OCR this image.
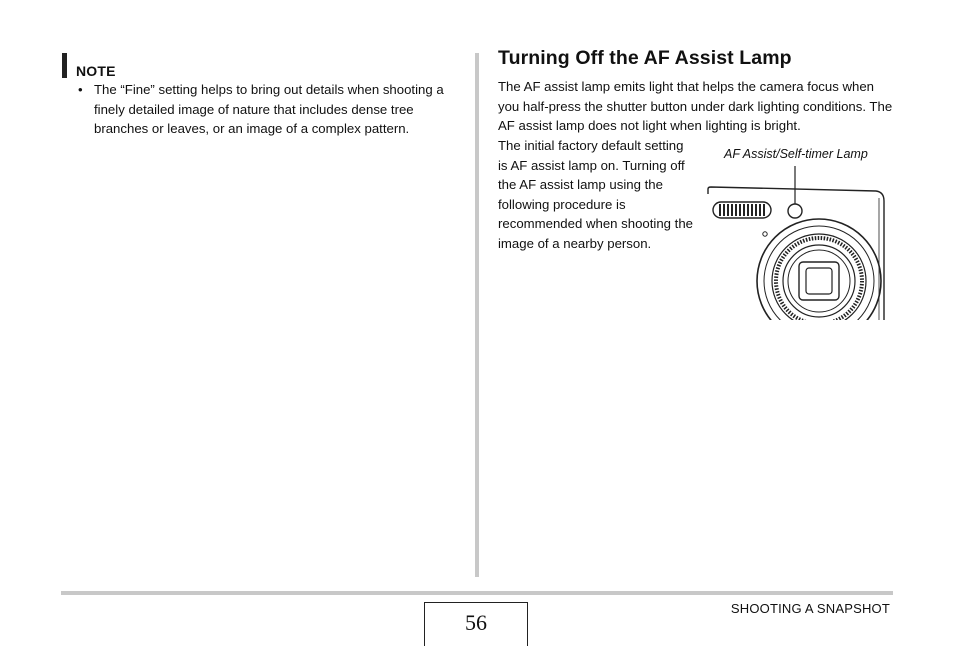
NOTE
• The “Fine” setting helps to bring out details when shooting a finely detailed image of nature that includes dense tree branches or leaves, or an image of a complex pattern.
Turning Off the AF Assist Lamp

The AF assist lamp emits light that helps the camera focus when you half-press the shutter button under dark lighting conditions. The AF assist lamp does not light when lighting is bright.

The initial factory default setting is AF assist lamp on. Turning off the AF assist lamp using the following procedure is recommended when shooting the image of a nearby person.

AF Assist/Self-timer Lamp

56
SHOOTING A SNAPSHOT
